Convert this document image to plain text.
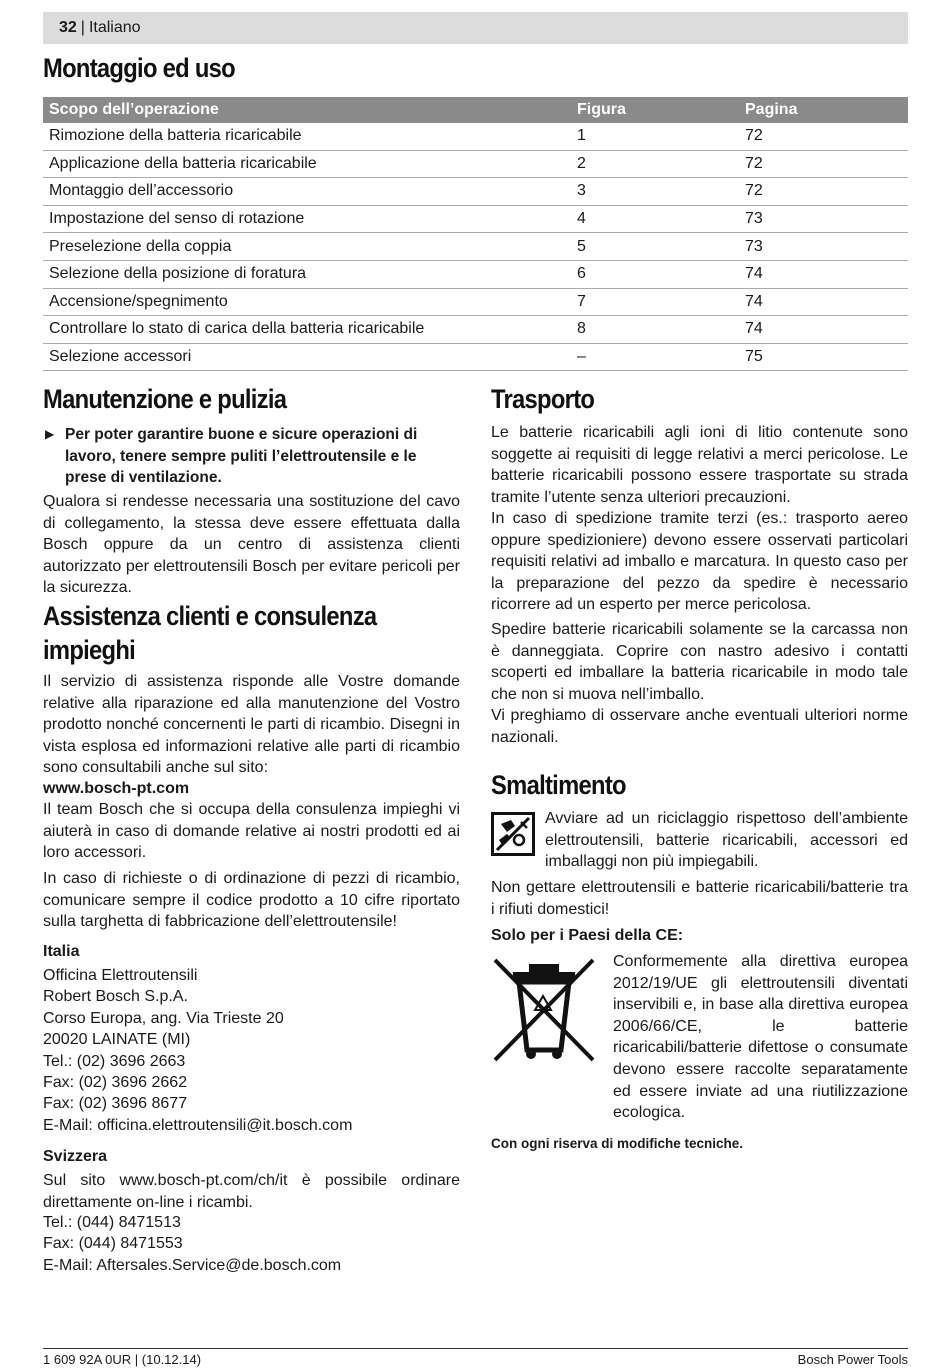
32 | Italiano
Montaggio ed uso
Scopo dell’operazione	Figura	Pagina
Rimozione della batteria ricaricabile	1	72
Applicazione della batteria ricaricabile	2	72
Montaggio dell’accessorio	3	72
Impostazione del senso di rotazione	4	73
Preselezione della coppia	5	73
Selezione della posizione di foratura	6	74
Accensione/spegnimento	7	74
Controllare lo stato di carica della batteria ricaricabile	8	74
Selezione accessori	–	75
Manutenzione e pulizia
▶ Per poter garantire buone e sicure operazioni di lavoro, tenere sempre puliti l’elettroutensile e le prese di ventilazione.

Qualora si rendesse necessaria una sostituzione del cavo di collegamento, la stessa deve essere effettuata dalla Bosch oppure da un centro di assistenza clienti autorizzato per elettroutensili Bosch per evitare pericoli per la sicurezza.

Assistenza clienti e consulenza impieghi

Il servizio di assistenza risponde alle Vostre domande relative alla riparazione ed alla manutenzione del Vostro prodotto nonché concernenti le parti di ricambio. Disegni in vista esplosa ed informazioni relative alle parti di ricambio sono consultabili anche sul sito:

www.bosch-pt.com

Il team Bosch che si occupa della consulenza impieghi vi aiuterà in caso di domande relative ai nostri prodotti ed ai loro accessori.

In caso di richieste o di ordinazione di pezzi di ricambio, comunicare sempre il codice prodotto a 10 cifre riportato sulla targhetta di fabbricazione dell’elettroutensile!

Italia
Officina Elettroutensili
Robert Bosch S.p.A.
Corso Europa, ang. Via Trieste 20
20020 LAINATE (MI)
Tel.: (02) 3696 2663
Fax: (02) 3696 2662
Fax: (02) 3696 8677
E-Mail: officina.elettroutensili@it.bosch.com
Svizzera

Sul sito www.bosch-pt.com/ch/it è possibile ordinare direttamente on-line i ricambi.

Tel.: (044) 8471513
Fax: (044) 8471553
E-Mail: Aftersales.Service@de.bosch.com
Trasporto

Le batterie ricaricabili agli ioni di litio contenute sono soggette ai requisiti di legge relativi a merci pericolose. Le batterie ricaricabili possono essere trasportate su strada tramite l’utente senza ulteriori precauzioni.

In caso di spedizione tramite terzi (es.: trasporto aereo oppure spedizioniere) devono essere osservati particolari requisiti relativi ad imballo e marcatura. In questo caso per la preparazione del pezzo da spedire è necessario ricorrere ad un esperto per merce pericolosa.

Spedire batterie ricaricabili solamente se la carcassa non è danneggiata. Coprire con nastro adesivo i contatti scoperti ed imballare la batteria ricaricabile in modo tale che non si muova nell’imballo.

Vi preghiamo di osservare anche eventuali ulteriori norme nazionali.

Smaltimento

Avviare ad un riciclaggio rispettoso dell’ambiente elettroutensili, batterie ricaricabili, accessori ed imballaggi non più impiegabili.

Non gettare elettroutensili e batterie ricaricabili/batterie tra i rifiuti domestici!

Solo per i Paesi della CE:

Conformemente alla direttiva europea 2012/19/UE gli elettroutensili diventati inservibili e, in base alla direttiva europea 2006/66/CE, le batterie ricaricabili/batterie difettose o consumate devono essere raccolte separatamente ed essere inviate ad una riutilizzazione ecologica.

Con ogni riserva di modifiche tecniche.
1 609 92A 0UR | (10.12.14)	Bosch Power Tools
